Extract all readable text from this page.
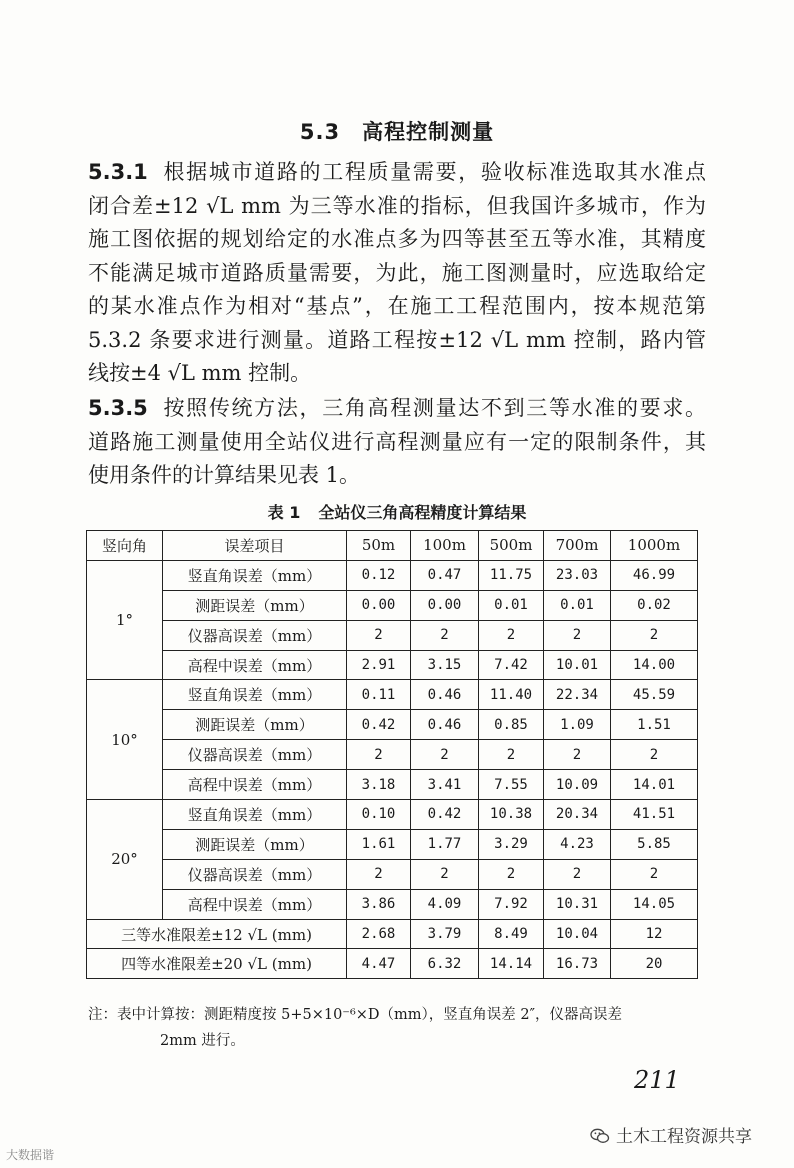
5.3 高程控制测量

5.3.1 根据城市道路的工程质量需要，验收标准选取其水准点

闭合差±12 √L mm 为三等水准的指标，但我国许多城市，作为

施工图依据的规划给定的水准点多为四等甚至五等水准，其精度

不能满足城市道路质量需要，为此，施工图测量时，应选取给定

的某水准点作为相对“基点”，在施工工程范围内，按本规范第

5.3.2 条要求进行测量。道路工程按±12 √L mm 控制，路内管

线按±4 √L mm 控制。

5.3.5 按照传统方法，三角高程测量达不到三等水准的要求。

道路施工测量使用全站仪进行高程测量应有一定的限制条件，其

使用条件的计算结果见表 1。

表 1 全站仪三角高程精度计算结果
竖向角	误差项目	50m	100m	500m	700m	1000m
1°	竖直角误差（mm）	0.12	0.47	11.75	23.03	46.99
	测距误差（mm）	0.00	0.00	0.01	0.01	0.02
	仪器高误差（mm）	2	2	2	2	2
	高程中误差（mm）	2.91	3.15	7.42	10.01	14.00
10°	竖直角误差（mm）	0.11	0.46	11.40	22.34	45.59
	测距误差（mm）	0.42	0.46	0.85	1.09	1.51
	仪器高误差（mm）	2	2	2	2	2
	高程中误差（mm）	3.18	3.41	7.55	10.09	14.01
20°	竖直角误差（mm）	0.10	0.42	10.38	20.34	41.51
	测距误差（mm）	1.61	1.77	3.29	4.23	5.85
	仪器高误差（mm）	2	2	2	2	2
	高程中误差（mm）	3.86	4.09	7.92	10.31	14.05
三等水准限差±12 √L (mm)		2.68	3.79	8.49	10.04	12
四等水准限差±20 √L (mm)		4.47	6.32	14.14	16.73	20

注：表中计算按：测距精度按 5+5×10⁻⁶×D（mm），竖直角误差 2″，仪器高误差

2mm 进行。

211
土木工程资源共享
大数据谐
